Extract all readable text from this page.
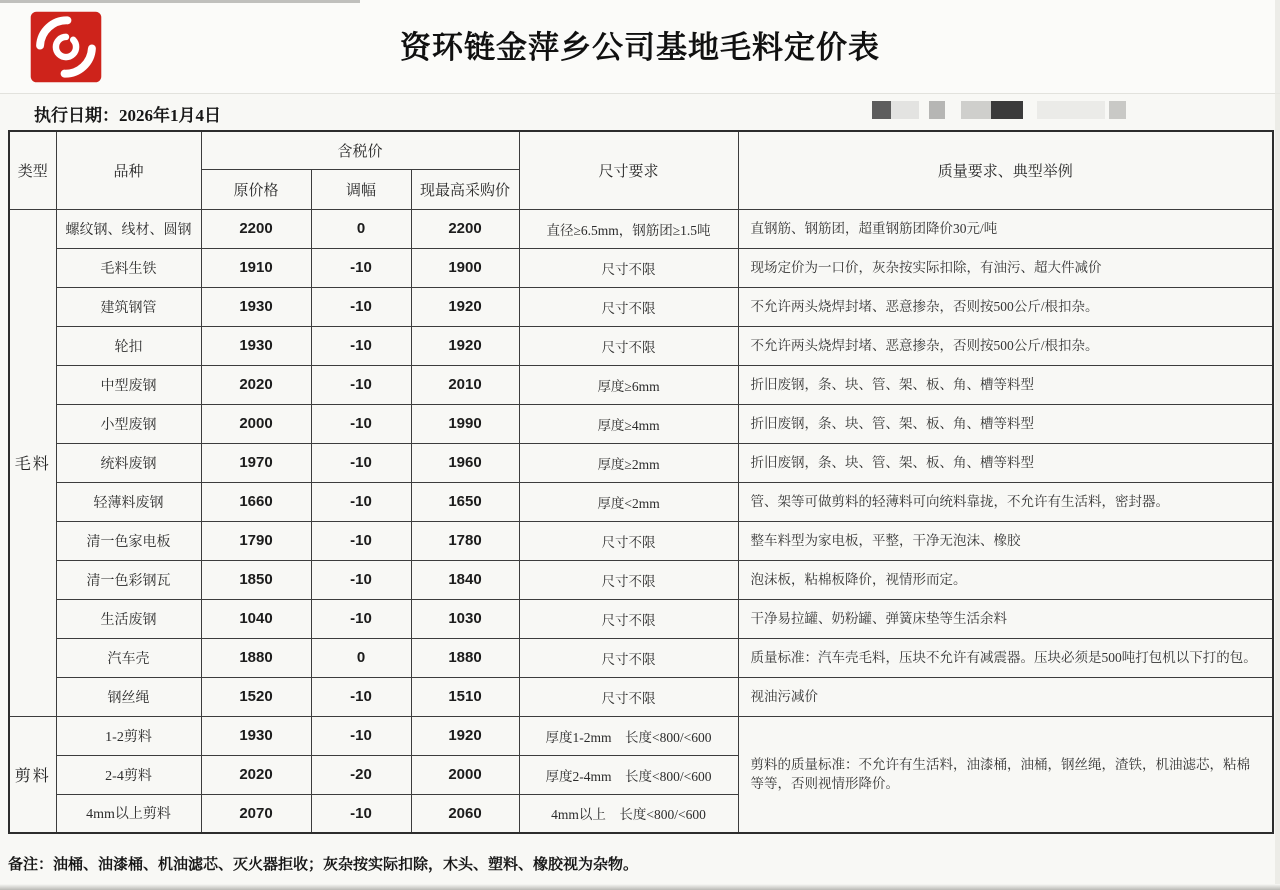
资环链金萍乡公司基地毛料定价表
执行日期：2026年1月4日
类型	品种	含税价			尺寸要求	质量要求、典型举例
		原价格	调幅	现最高采购价		
毛料	螺纹钢、线材、圆钢	2200	0	2200	直径≥6.5mm，钢筋团≥1.5吨	直钢筋、钢筋团，超重钢筋团降价30元/吨
	毛料生铁	1910	-10	1900	尺寸不限	现场定价为一口价，灰杂按实际扣除，有油污、超大件减价
	建筑钢管	1930	-10	1920	尺寸不限	不允许两头烧焊封堵、恶意掺杂，否则按500公斤/根扣杂。
	轮扣	1930	-10	1920	尺寸不限	不允许两头烧焊封堵、恶意掺杂，否则按500公斤/根扣杂。
	中型废钢	2020	-10	2010	厚度≥6mm	折旧废钢，条、块、管、架、板、角、槽等料型
	小型废钢	2000	-10	1990	厚度≥4mm	折旧废钢，条、块、管、架、板、角、槽等料型
	统料废钢	1970	-10	1960	厚度≥2mm	折旧废钢，条、块、管、架、板、角、槽等料型
	轻薄料废钢	1660	-10	1650	厚度<2mm	管、架等可做剪料的轻薄料可向统料靠拢，不允许有生活料，密封器。
	清一色家电板	1790	-10	1780	尺寸不限	整车料型为家电板，平整，干净无泡沫、橡胶
	清一色彩钢瓦	1850	-10	1840	尺寸不限	泡沫板，粘棉板降价，视情形而定。
	生活废钢	1040	-10	1030	尺寸不限	干净易拉罐、奶粉罐、弹簧床垫等生活余料
	汽车壳	1880	0	1880	尺寸不限	质量标准：汽车壳毛料，压块不允许有减震器。压块必须是500吨打包机以下打的包。
	钢丝绳	1520	-10	1510	尺寸不限	视油污减价
剪料	1-2剪料	1930	-10	1920	厚度1-2mm　长度<800/<600	剪料的质量标准：不允许有生活料，油漆桶，油桶，钢丝绳，渣铁，机油滤芯，粘棉等等，否则视情形降价。
	2-4剪料	2020	-20	2000	厚度2-4mm　长度<800/<600	
	4mm以上剪料	2070	-10	2060	4mm以上　长度<800/<600	
备注：油桶、油漆桶、机油滤芯、灭火器拒收；灰杂按实际扣除，木头、塑料、橡胶视为杂物。
